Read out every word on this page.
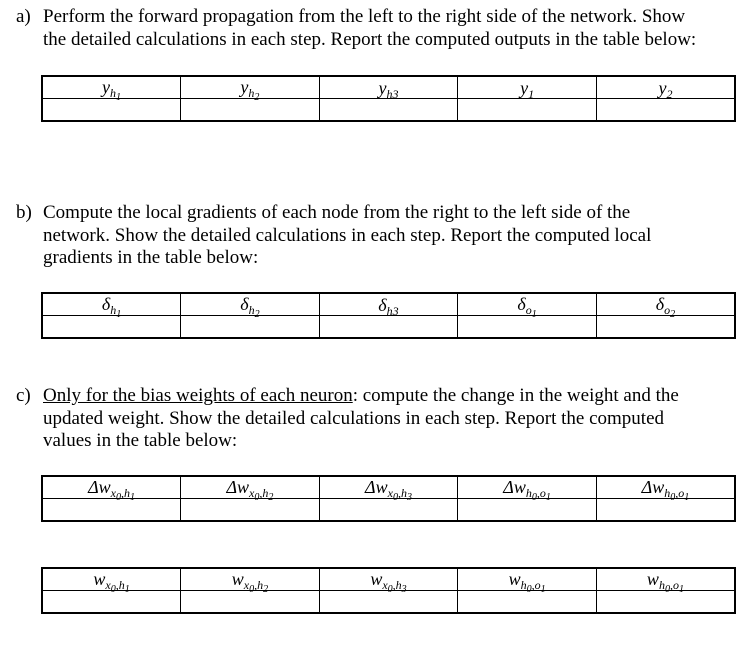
a) Perform the forward propagation from the left to the right side of the network. Show
the detailed calculations in each step. Report the computed outputs in the table below:
$y_{h_1}$	$y_{h_2}$	$y_{h3}$	$y_1$	$y_2$

b) Compute the local gradients of each node from the right to the left side of the
network. Show the detailed calculations in each step. Report the computed local
gradients in the table below:
$\delta_{h_1}$	$\delta_{h_2}$	$\delta_{h3}$	$\delta_{o_1}$	$\delta_{o_2}$

c) Only for the bias weights of each neuron: compute the change in the weight and the
updated weight. Show the detailed calculations in each step. Report the computed
values in the table below:
$\Delta w_{x_0,h_1}$	$\Delta w_{x_0,h_2}$	$\Delta w_{x_0,h_3}$	$\Delta w_{h_0,o_1}$	$\Delta w_{h_0,o_1}$

$w_{x_0,h_1}$	$w_{x_0,h_2}$	$w_{x_0,h_3}$	$w_{h_0,o_1}$	$w_{h_0,o_1}$
